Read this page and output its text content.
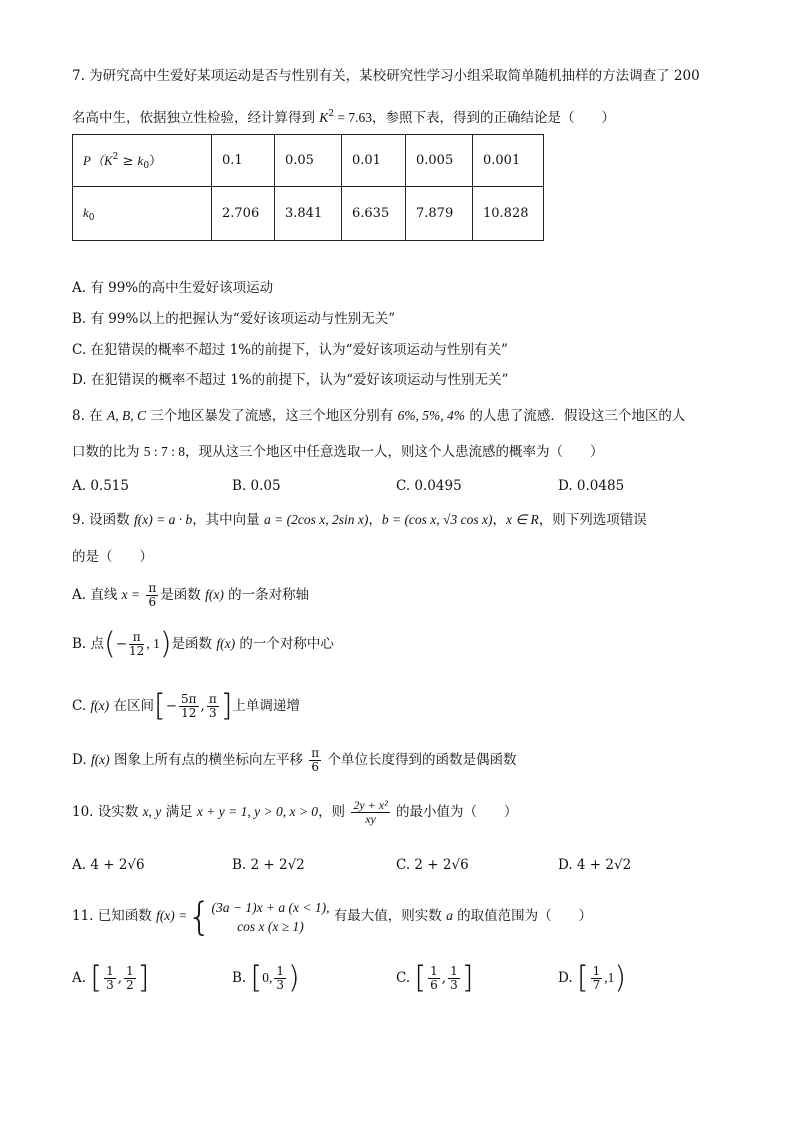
7. 为研究高中生爱好某项运动是否与性别有关，某校研究性学习小组采取简单随机抽样的方法调查了 200
名高中生，依据独立性检验，经计算得到 $K^2 = 7.63$，参照下表，得到的正确结论是（　　）
$P(K^2 \ge k_0)$	0.1	0.05	0.01	0.005	0.001
$k_0$	2.706	3.841	6.635	7.879	10.828
A. 有 99%的高中生爱好该项运动
B. 有 99%以上的把握认为“爱好该项运动与性别无关”
C. 在犯错误的概率不超过 1%的前提下，认为“爱好该项运动与性别有关”
D. 在犯错误的概率不超过 1%的前提下，认为“爱好该项运动与性别无关”
8. 在 A, B, C 三个地区暴发了流感，这三个地区分别有 6%, 5%, 4% 的人患了流感．假设这三个地区的人
口数的比为 5 : 7 : 8，现从这三个地区中任意选取一人，则这个人患流感的概率为（　　）
A. 0.515	B. 0.05	C. 0.0495	D. 0.0485
9. 设函数 f(x) = a · b，其中向量 a = (2cos x, 2sin x)，b = (cos x, √3 cos x)，x ∈ R，则下列选项错误
的是（　　）
A. 直线 $x = \frac{\pi}{6}$ 是函数 f(x) 的一条对称轴
B. 点(− $\frac{\pi}{12}$ , 1)是函数 f(x) 的一个对称中心
C. f(x) 在区间[− $\frac{5\pi}{12}$ , $\frac{\pi}{3}$ ]上单调递增
D. f(x) 图象上所有点的横坐标向左平移 $\frac{\pi}{6}$ 个单位长度得到的函数是偶函数
10. 设实数 x, y 满足 x + y = 1, y > 0, x > 0，则 $\frac{\text{2y + x²}}{xy}$ 的最小值为（　　）
A. 4 + 2√6	B. 2 + 2√2	C. 2 + 2√6	D. 4 + 2√2
11. 已知函数 f(x) ={ (3a − 1)x + a (x < 1),
cos x (x ≥ 1)
有最大值，则实数 a 的取值范围为（　　）
A. [ $\frac{1}{3}$ , $\frac{1}{2}$ ]	B. [0, $\frac{1}{3}$ )	C. [ $\frac{1}{6}$ , $\frac{1}{3}$ ]	D. [ $\frac{1}{7} ,1$)
